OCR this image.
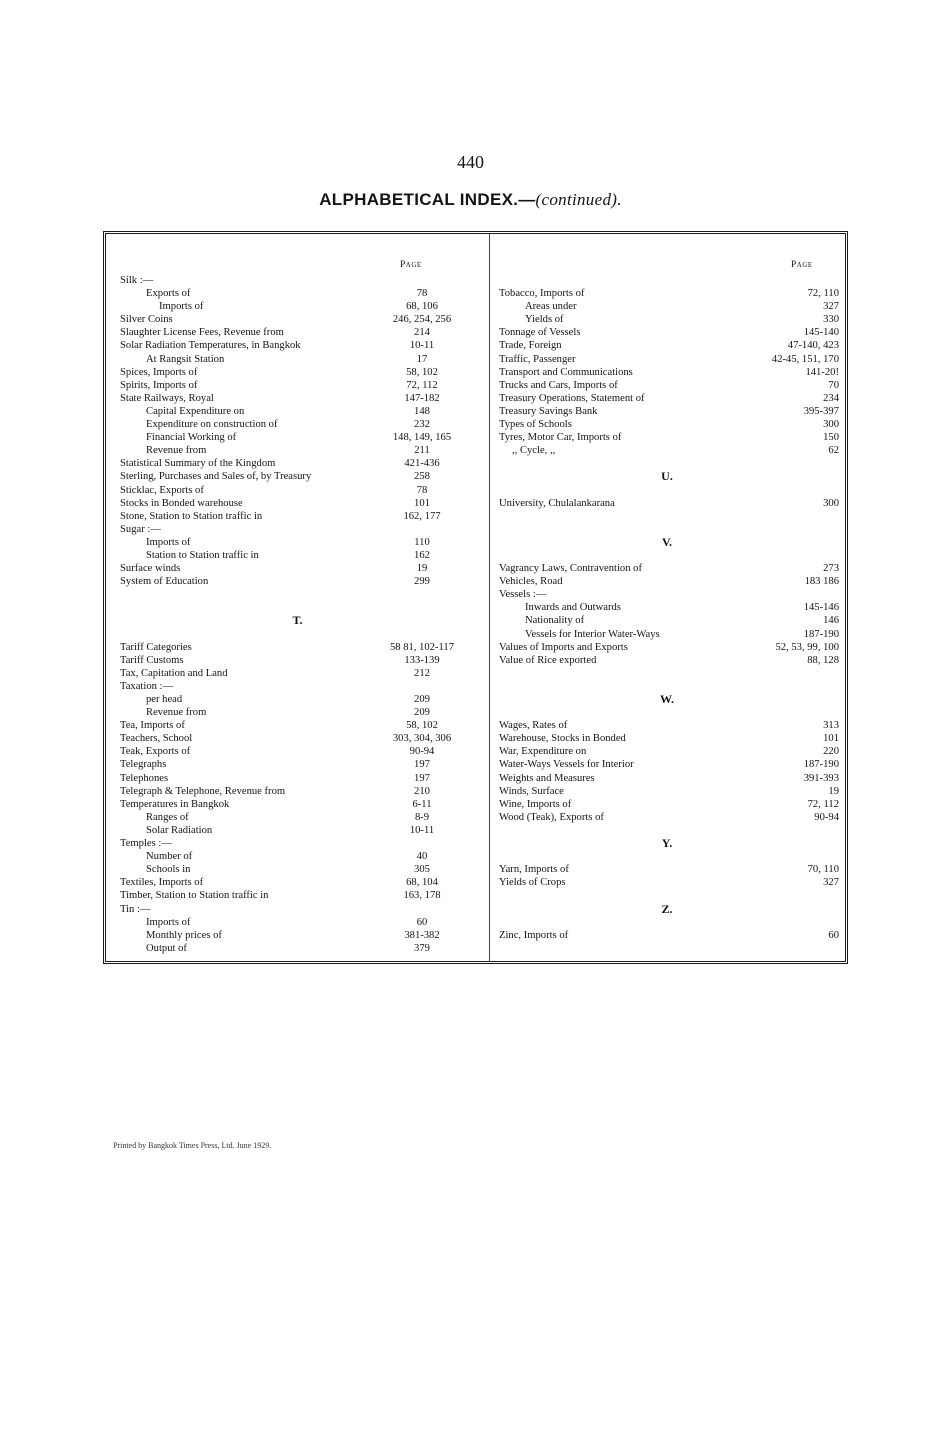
440
ALPHABETICAL INDEX.—(continued).
Page
Silk :—
Exports of	78
Imports of	68, 106
Silver Coins	246, 254, 256
Slaughter License Fees, Revenue from	214
Solar Radiation Temperatures, in Bangkok	10-11
At Rangsit Station	17
Spices, Imports of	58, 102
Spirits, Imports of	72, 112
State Railways, Royal	147-182
Capital Expenditure on	148
Expenditure on construction of	232
Financial Working of	148, 149, 165
Revenue from	211
Statistical Summary of the Kingdom	421-436
Sterling, Purchases and Sales of, by Treasury	258
Sticklac, Exports of	78
Stocks in Bonded warehouse	101
Stone, Station to Station traffic in	162, 177
Sugar :—
Imports of	110
Station to Station traffic in	162
Surface winds	19
System of Education	299
T.
Tariff Categories	58 81, 102-117
Tariff Customs	133-139
Tax, Capitation and Land	212
Taxation :—
per head	209
Revenue from	209
Tea, Imports of	58, 102
Teachers, School	303, 304, 306
Teak, Exports of	90-94
Telegraphs	197
Telephones	197
Telegraph & Telephone, Revenue from	210
Temperatures in Bangkok	6-11
Ranges of	8-9
Solar Radiation	10-11
Temples :—
Number of	40
Schools in	305
Textiles, Imports of	68, 104
Timber, Station to Station traffic in	163, 178
Tin :—
Imports of	60
Monthly prices of	381-382
Output of	379
Page
Tobacco, Imports of	72, 110
Areas under	327
Yields of	330
Tonnage of Vessels	145-140
Trade, Foreign	47-140, 423
Traffic, Passenger	42-45, 151, 170
Transport and Communications	141-20!
Trucks and Cars, Imports of	70
Treasury Operations, Statement of	234
Treasury Savings Bank	395-397
Types of Schools	300
Tyres, Motor Car, Imports of	150
,, Cycle, ,,	62
U.
University, Chulalankarana	300
V.
Vagrancy Laws, Contravention of	273
Vehicles, Road	183 186
Vessels :—
Inwards and Outwards	145-146
Nationality of	146
Vessels for Interior Water-Ways	187-190
Values of Imports and Exports	52, 53, 99, 100
Value of Rice exported	88, 128
W.
Wages, Rates of	313
Warehouse, Stocks in Bonded	101
War, Expenditure on	220
Water-Ways Vessels for Interior	187-190
Weights and Measures	391-393
Winds, Surface	19
Wine, Imports of	72, 112
Wood (Teak), Exports of	90-94
Y.
Yarn, Imports of	70, 110
Yields of Crops	327
Z.
Zinc, Imports of	60
Printed by Bangkok Times Press, Ltd. June 1929.
